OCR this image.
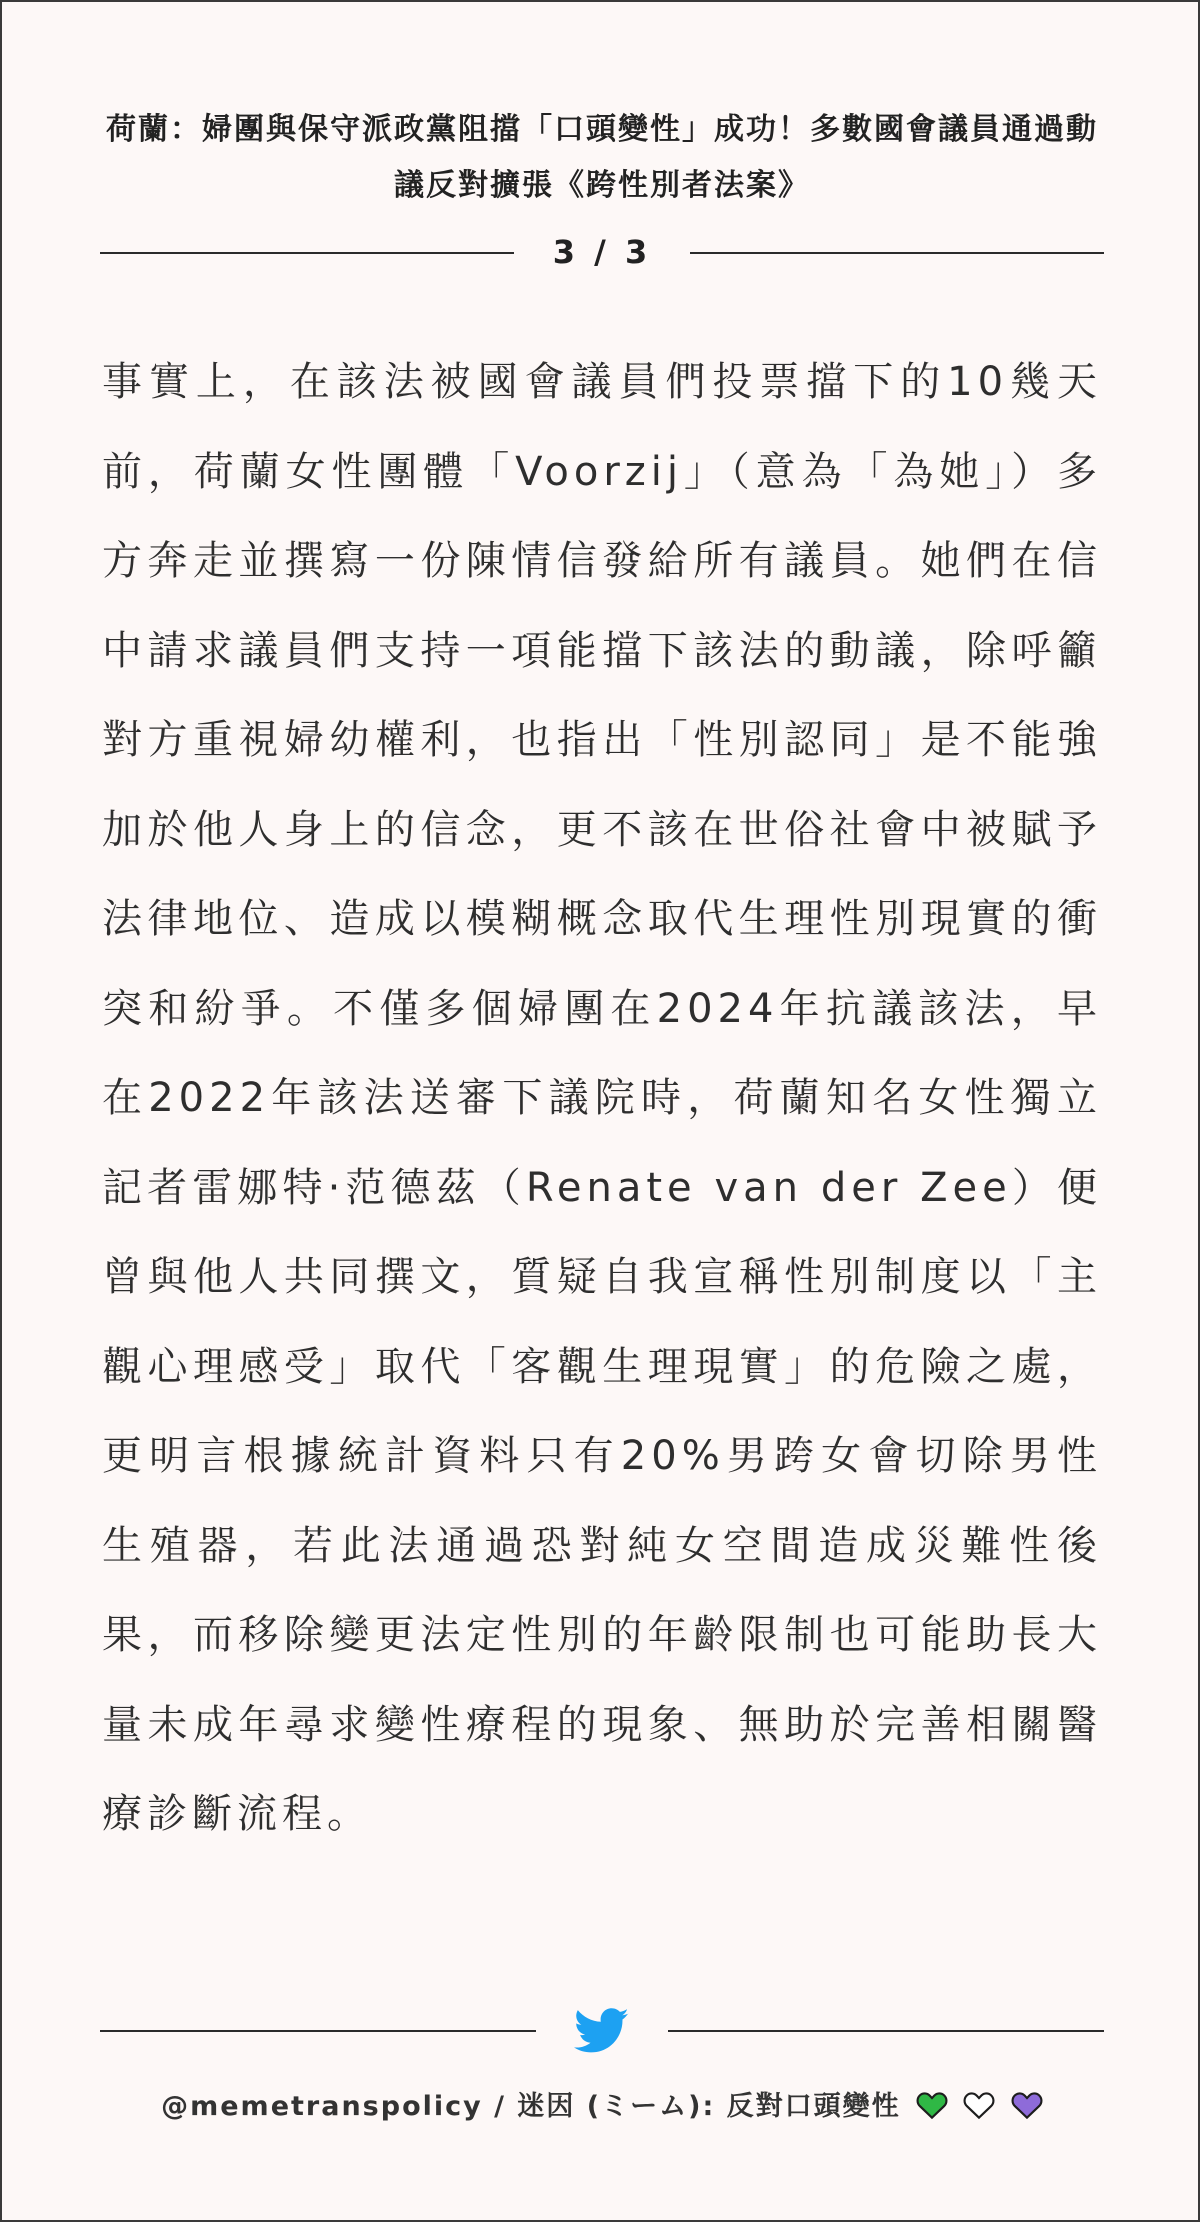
荷蘭：婦團與保守派政黨阻擋「口頭變性」成功！多數國會議員通過動議反對擴張《跨性別者法案》
3 / 3

事實上，在該法被國會議員們投票擋下的10幾天前，荷蘭女性團體「Voorzij」（意為「為她」）多方奔走並撰寫一份陳情信發給所有議員。她們在信中請求議員們支持一項能擋下該法的動議，除呼籲對方重視婦幼權利，也指出「性別認同」是不能強加於他人身上的信念，更不該在世俗社會中被賦予法律地位、造成以模糊概念取代生理性別現實的衝突和紛爭。不僅多個婦團在2024年抗議該法，早在2022年該法送審下議院時，荷蘭知名女性獨立記者雷娜特·范德茲（Renate van der Zee）便曾與他人共同撰文，質疑自我宣稱性別制度以「主觀心理感受」取代「客觀生理現實」的危險之處，更明言根據統計資料只有20%男跨女會切除男性生殖器，若此法通過恐對純女空間造成災難性後果，而移除變更法定性別的年齡限制也可能助長大量未成年尋求變性療程的現象、無助於完善相關醫療診斷流程。

@memetranspolicy / 迷因 (ミーム): 反對口頭變性
